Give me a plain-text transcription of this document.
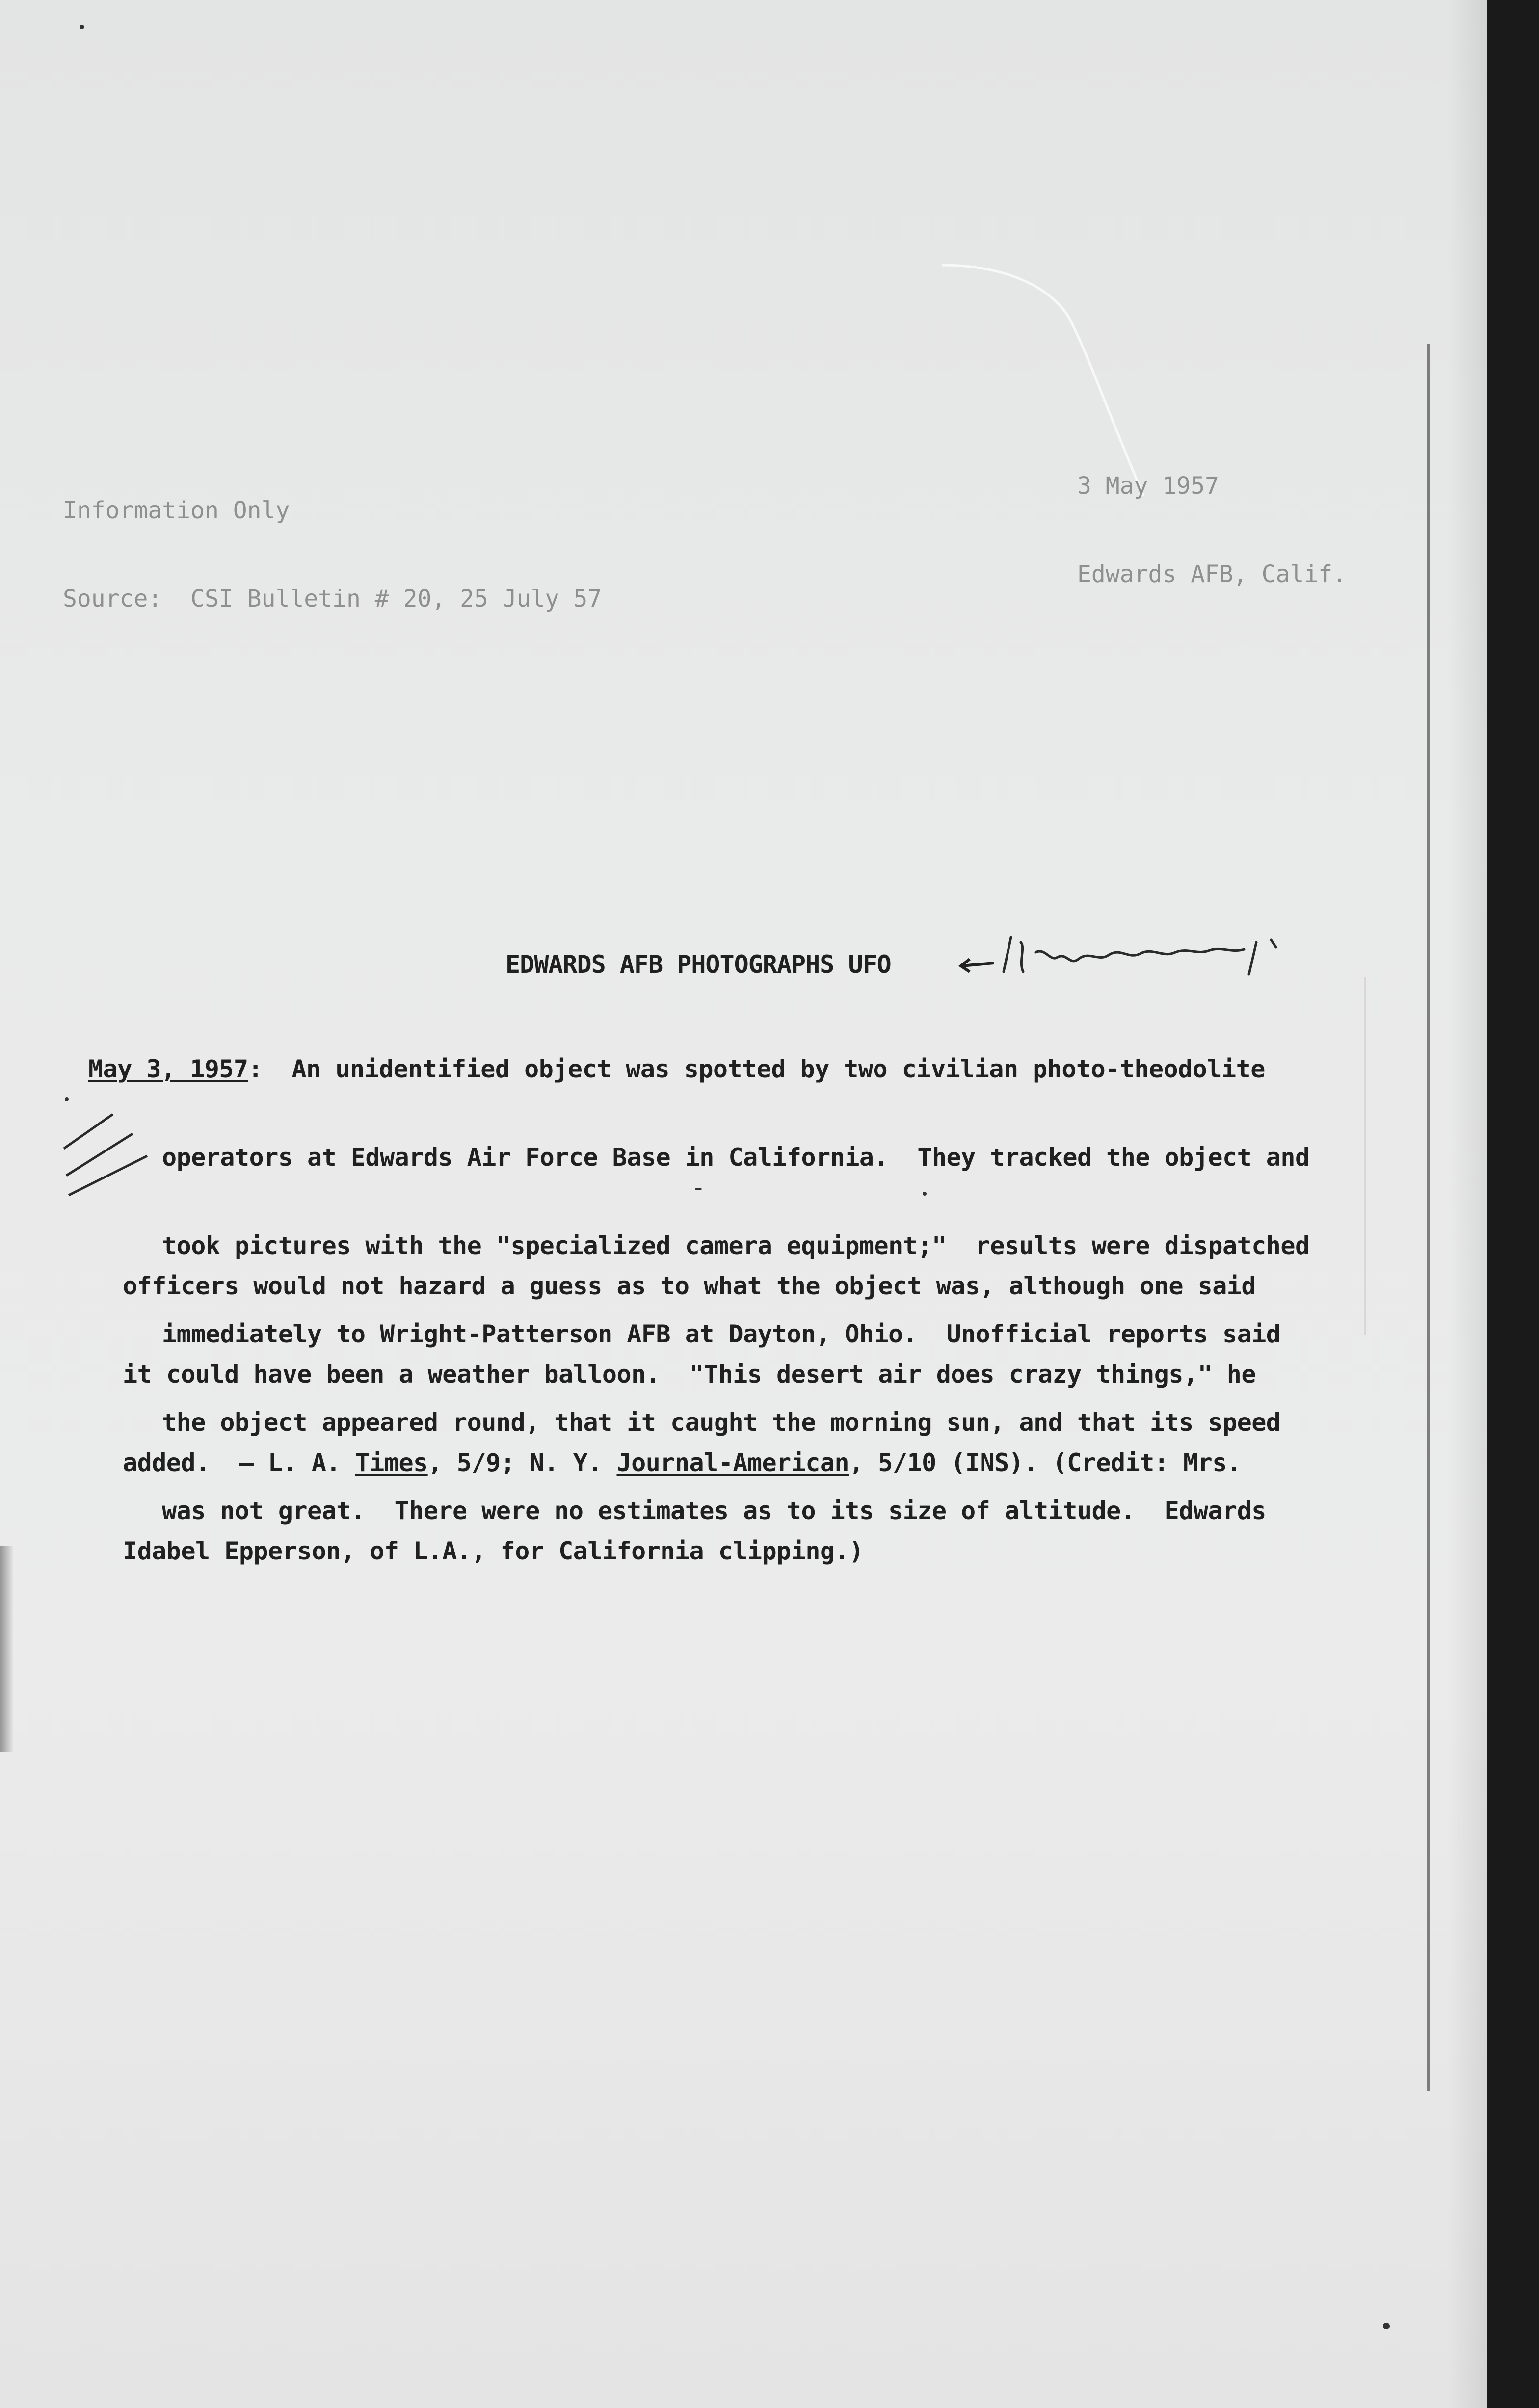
Information Only

Source:  CSI Bulletin # 20, 25 July 57

3 May 1957

Edwards AFB, Calif.

EDWARDS AFB PHOTOGRAPHS UFO

May 3, 1957:  An unidentified object was spotted by two civilian photo-theodolite

operators at Edwards Air Force Base in California.  They tracked the object and

took pictures with the "specialized camera equipment;"  results were dispatched

immediately to Wright-Patterson AFB at Dayton, Ohio.  Unofficial reports said

the object appeared round, that it caught the morning sun, and that its speed

was not great.  There were no estimates as to its size of altitude.  Edwards

officers would not hazard a guess as to what the object was, although one said

it could have been a weather balloon.  "This desert air does crazy things," he

added.  — L. A. Times, 5/9; N. Y. Journal-American, 5/10 (INS). (Credit: Mrs.

Idabel Epperson, of L.A., for California clipping.)
